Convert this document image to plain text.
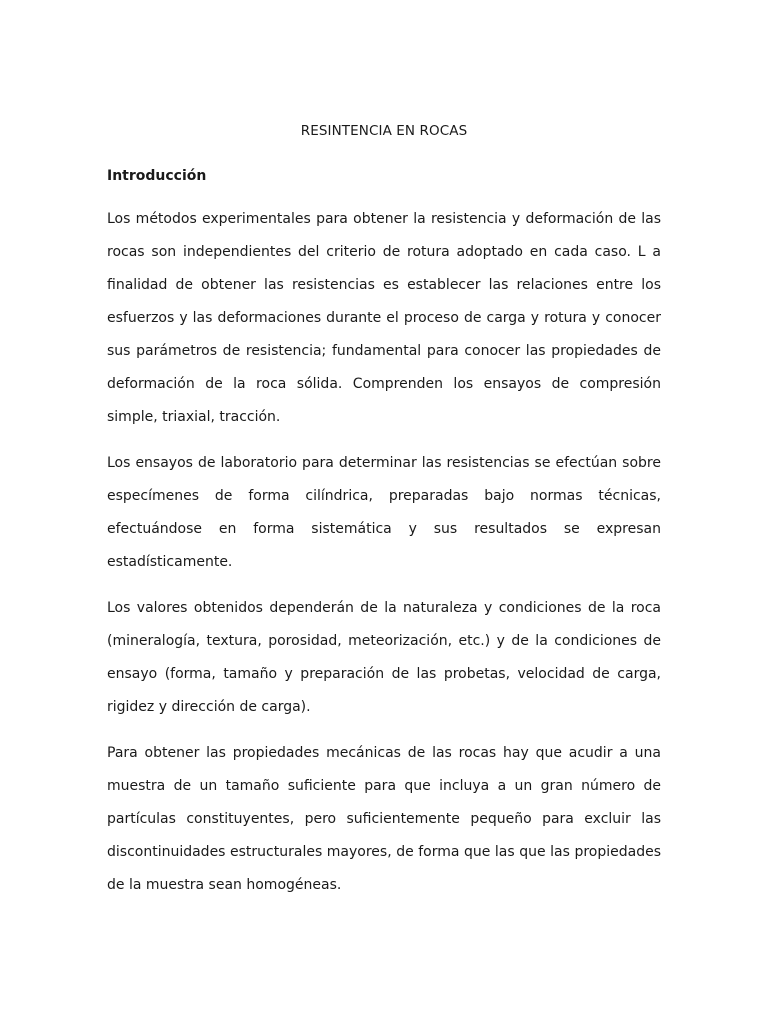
RESINTENCIA EN ROCAS
Introducción

Los métodos experimentales para obtener la resistencia y deformación de las rocas son independientes del criterio de rotura adoptado en cada caso. L a finalidad de obtener las resistencias es establecer las relaciones entre los esfuerzos y las deformaciones durante el proceso de carga y rotura y conocer sus parámetros de resistencia; fundamental para conocer las propiedades de deformación de la roca sólida. Comprenden los ensayos de compresión simple, triaxial, tracción.

Los ensayos de laboratorio para determinar las resistencias se efectúan sobre especímenes de forma cilíndrica, preparadas bajo normas técnicas, efectuándose en forma sistemática y sus resultados se expresan estadísticamente.

Los valores obtenidos dependerán de la naturaleza y condiciones de la roca (mineralogía, textura, porosidad, meteorización, etc.) y de la condiciones de ensayo (forma, tamaño y preparación de las probetas, velocidad de carga, rigidez y dirección de carga).

Para obtener las propiedades mecánicas de las rocas hay que acudir a una muestra de un tamaño suficiente para que incluya a un gran número de partículas constituyentes, pero suficientemente pequeño para excluir las discontinuidades estructurales mayores, de forma que las que las propiedades de la muestra sean homogéneas.
